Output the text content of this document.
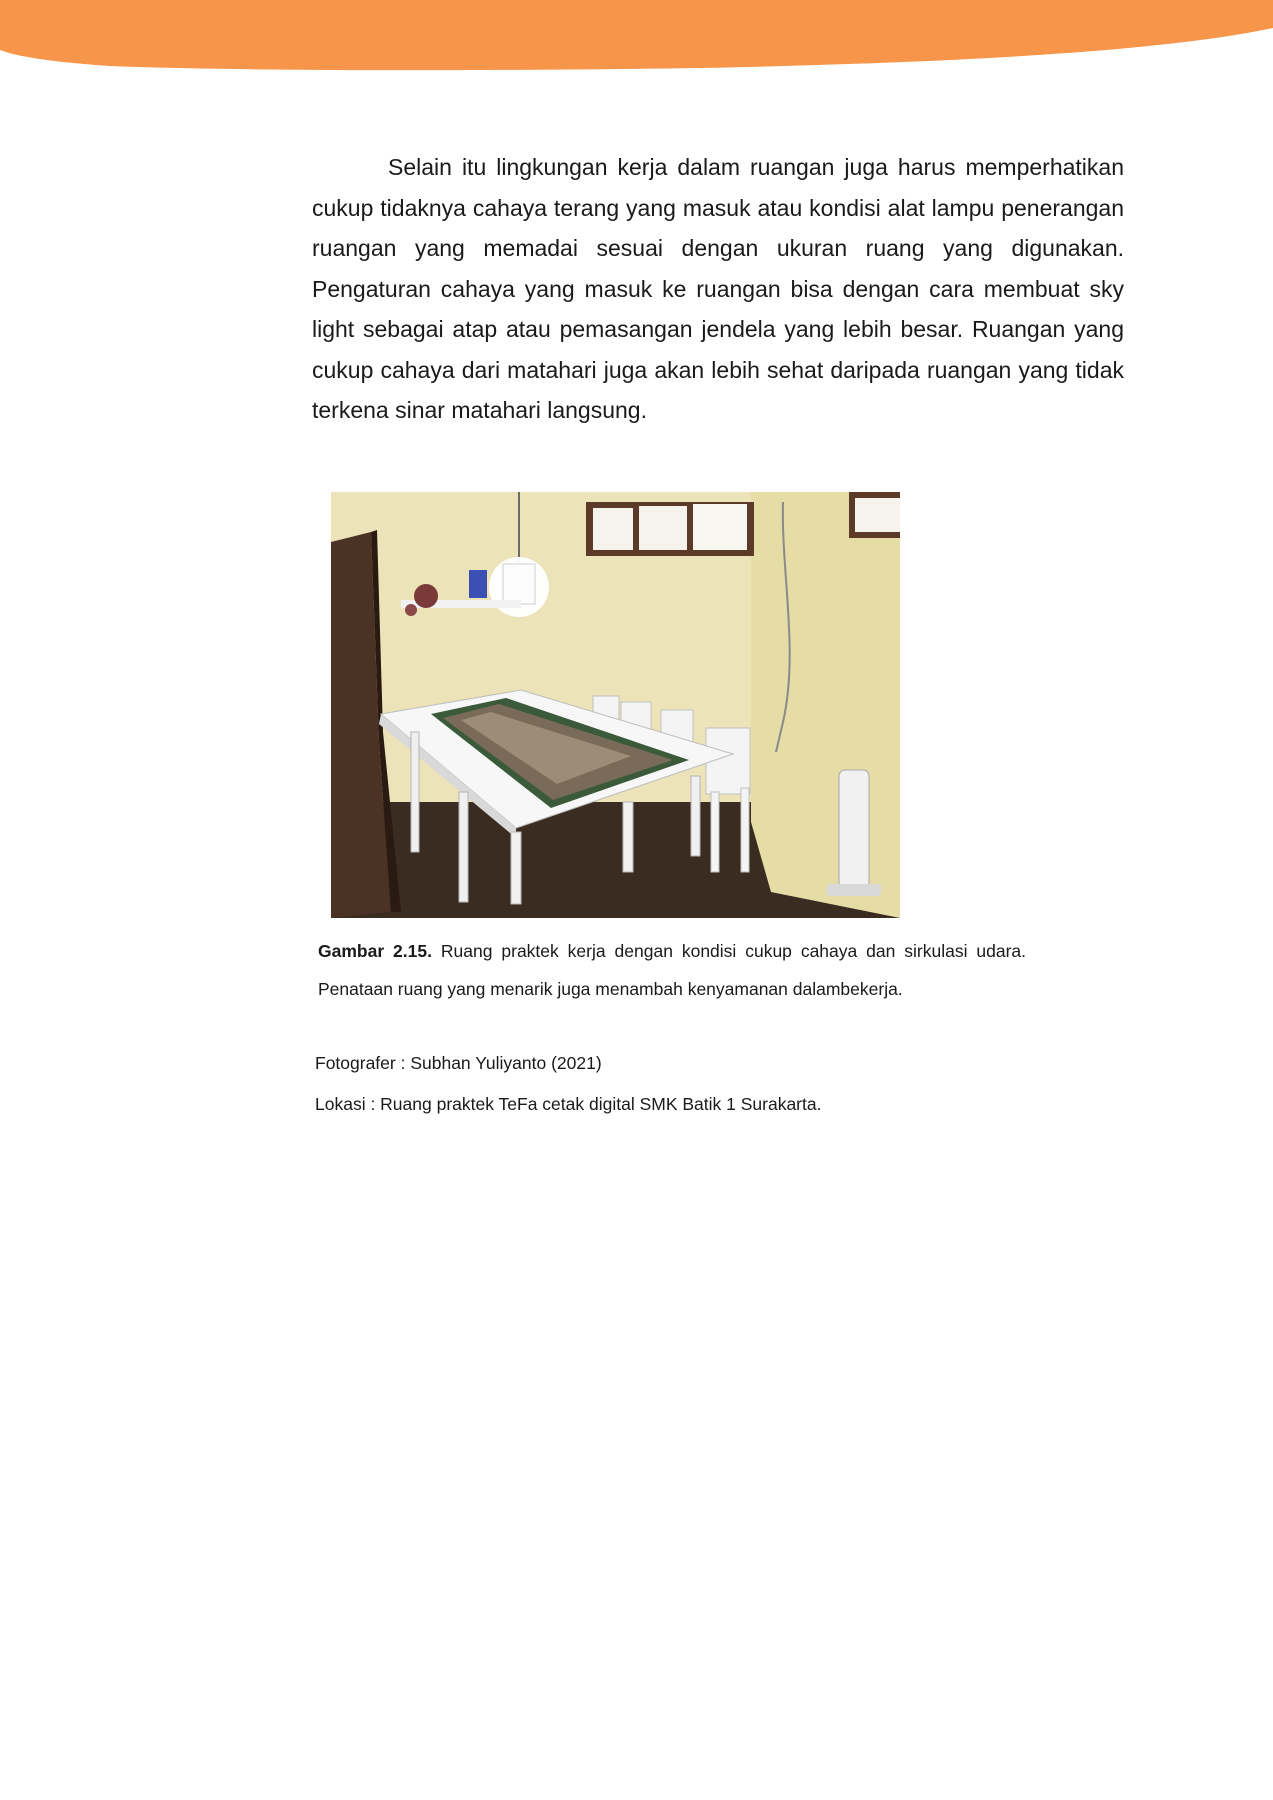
Selain itu lingkungan kerja dalam ruangan juga harus memperhatikan cukup tidaknya cahaya terang yang masuk atau kondisi alat lampu penerangan ruangan yang memadai sesuai dengan ukuran ruang yang digunakan. Pengaturan cahaya yang masuk ke ruangan bisa dengan cara membuat sky light sebagai atap atau pemasangan jendela yang lebih besar. Ruangan yang cukup cahaya dari matahari juga akan lebih sehat daripada ruangan yang tidak terkena sinar matahari langsung.

Gambar 2.15. Ruang praktek kerja dengan kondisi cukup cahaya dan sirkulasi udara. Penataan ruang yang menarik juga menambah kenyamanan dalambekerja.

Fotografer : Subhan Yuliyanto (2021)

Lokasi : Ruang praktek TeFa cetak digital SMK Batik 1 Surakarta.
